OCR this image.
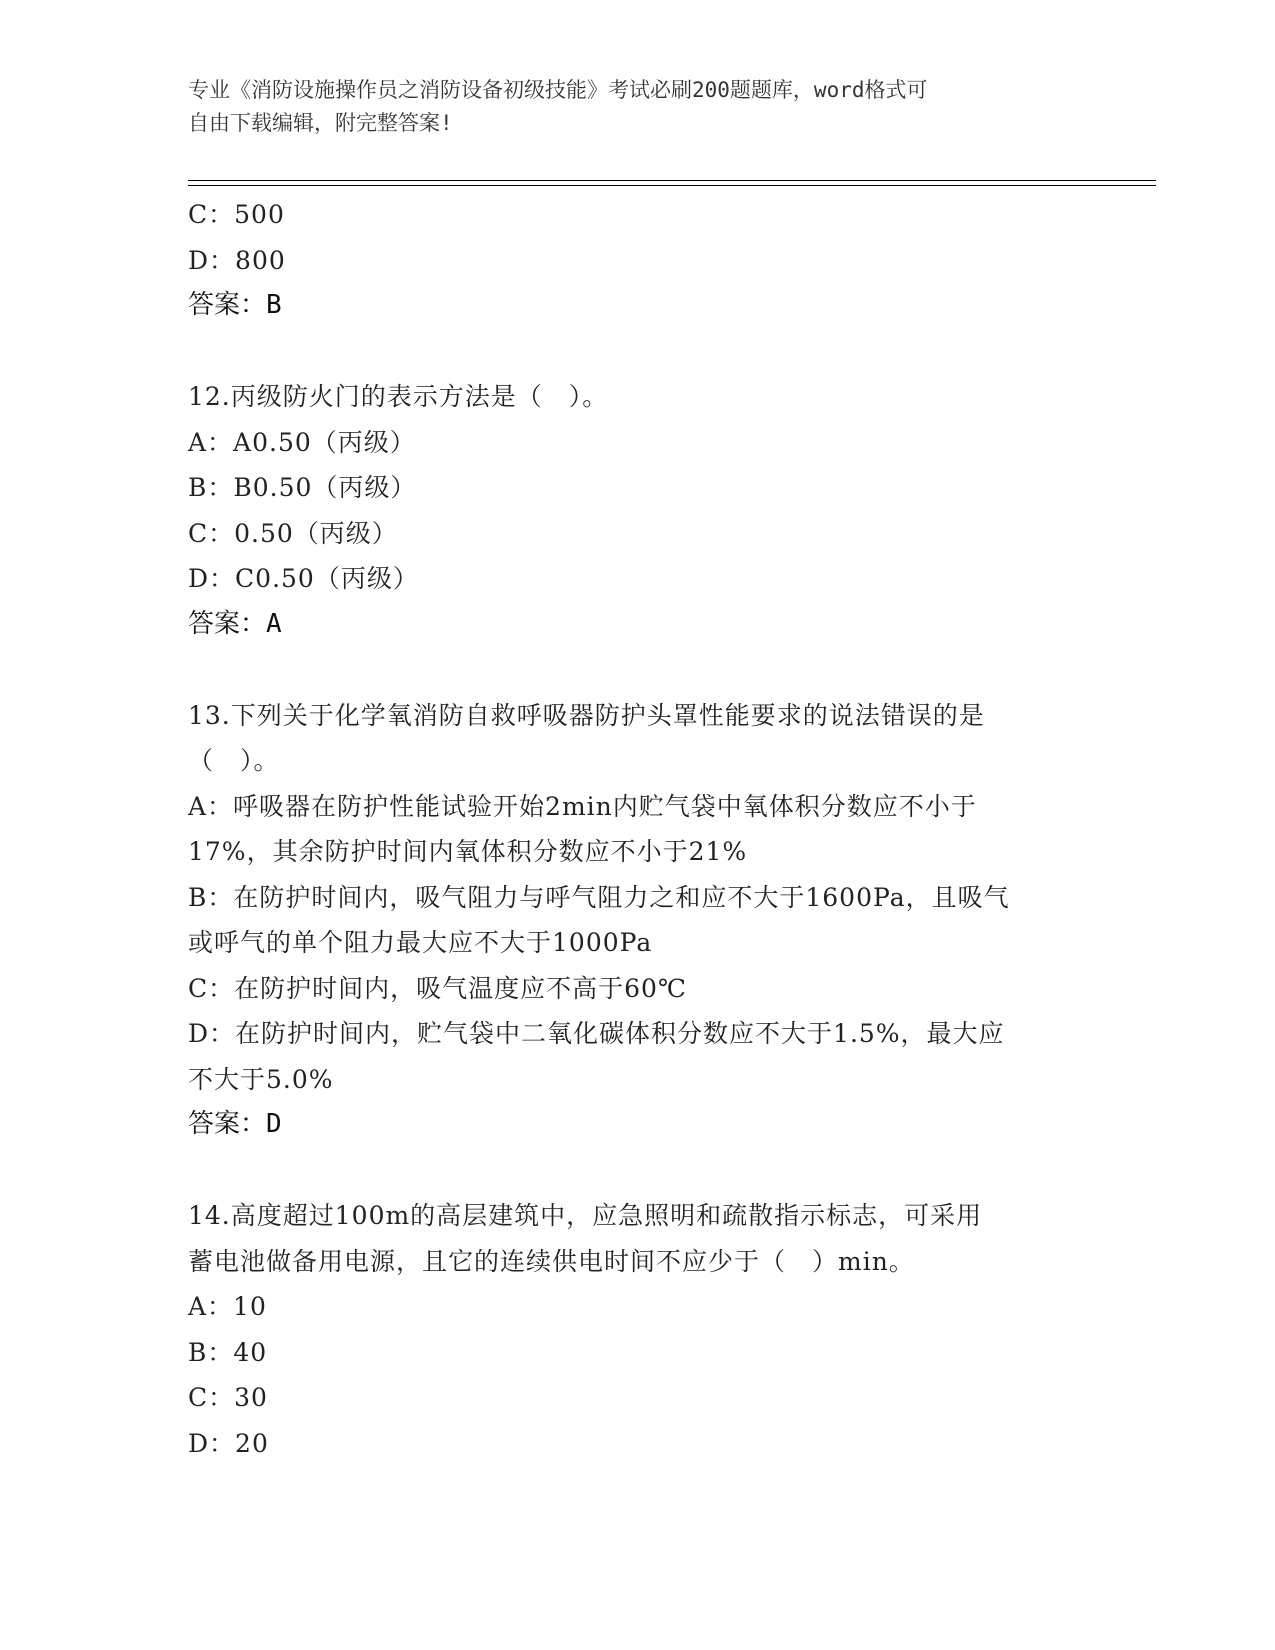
专业《消防设施操作员之消防设备初级技能》考试必刷200题题库，word格式可
自由下载编辑，附完整答案!
C：500
D：800
答案：B
12.丙级防火门的表示方法是（　）。
A：A0.50（丙级）
B：B0.50（丙级）
C：0.50（丙级）
D：C0.50（丙级）
答案：A
13.下列关于化学氧消防自救呼吸器防护头罩性能要求的说法错误的是
（　）。
A：呼吸器在防护性能试验开始2min内贮气袋中氧体积分数应不小于
17%，其余防护时间内氧体积分数应不小于21%
B：在防护时间内，吸气阻力与呼气阻力之和应不大于1600Pa，且吸气
或呼气的单个阻力最大应不大于1000Pa
C：在防护时间内，吸气温度应不高于60℃
D：在防护时间内，贮气袋中二氧化碳体积分数应不大于1.5%，最大应
不大于5.0%
答案：D
14.高度超过100m的高层建筑中，应急照明和疏散指示标志，可采用
蓄电池做备用电源，且它的连续供电时间不应少于（　）min。
A：10
B：40
C：30
D：20
